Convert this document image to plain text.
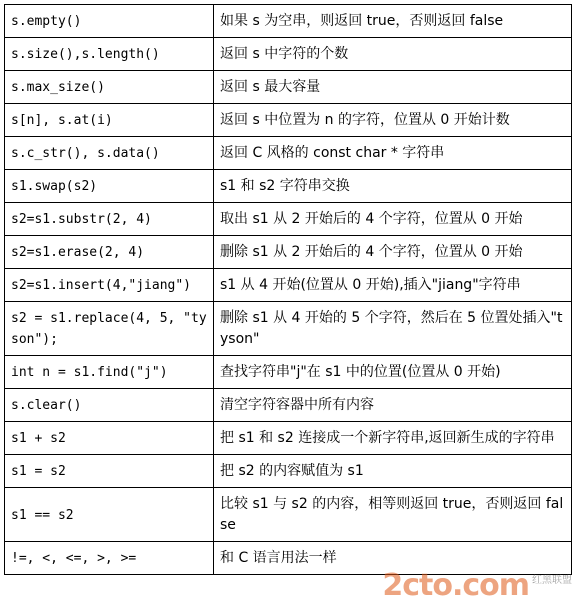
s.empty()	如果 s 为空串，则返回 true，否则返回 false
s.size(),s.length()	返回 s 中字符的个数
s.max_size()	返回 s 最大容量
s[n], s.at(i)	返回 s 中位置为 n 的字符，位置从 0 开始计数
s.c_str(), s.data()	返回 C 风格的 const char * 字符串
s1.swap(s2)	s1 和 s2 字符串交换
s2=s1.substr(2, 4)	取出 s1 从 2 开始后的 4 个字符，位置从 0 开始
s2=s1.erase(2, 4)	删除 s1 从 2 开始后的 4 个字符，位置从 0 开始
s2=s1.insert(4,"jiang")	s1 从 4 开始(位置从 0 开始),插入"jiang"字符串
s2 = s1.replace(4, 5, "tyson");	删除 s1 从 4 开始的 5 个字符，然后在 5 位置处插入"tyson"
int n = s1.find("j")	查找字符串"j"在 s1 中的位置(位置从 0 开始)
s.clear()	清空字符容器中所有内容
s1 + s2	把 s1 和 s2 连接成一个新字符串,返回新生成的字符串
s1 = s2	把 s2 的内容赋值为 s1
s1 == s2	比较 s1 与 s2 的内容，相等则返回 true，否则返回 false
!=, <, <=, >, >=	和 C 语言用法一样
2cto.com 红黑联盟
